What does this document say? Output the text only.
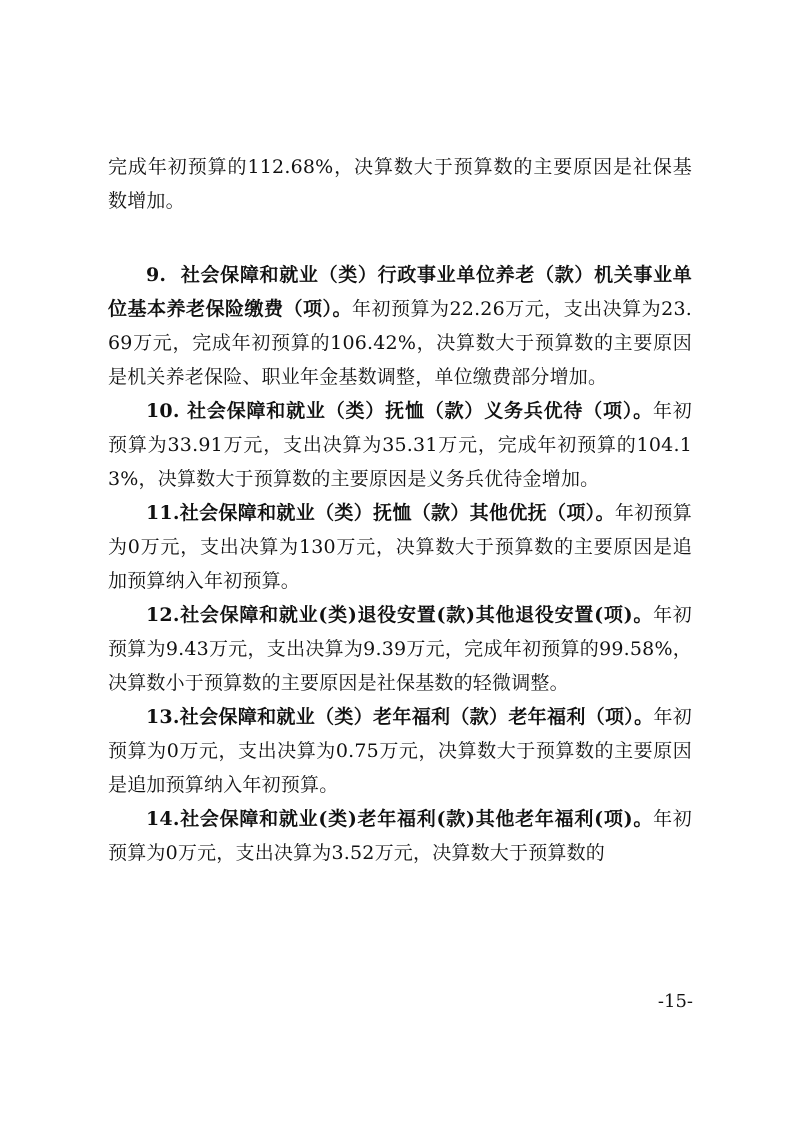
完成年初预算的112.68%，决算数大于预算数的主要原因是社保基数增加。

9.  社会保障和就业（类）行政事业单位养老（款）机关事业单位基本养老保险缴费（项）。年初预算为22.26万元，支出决算为23.69万元，完成年初预算的106.42%，决算数大于预算数的主要原因是机关养老保险、职业年金基数调整，单位缴费部分增加。

10. 社会保障和就业（类）抚恤（款）义务兵优待（项）。年初预算为33.91万元，支出决算为35.31万元，完成年初预算的104.13%，决算数大于预算数的主要原因是义务兵优待金增加。

11.社会保障和就业（类）抚恤（款）其他优抚（项）。年初预算为0万元，支出决算为130万元，决算数大于预算数的主要原因是追加预算纳入年初预算。

12.社会保障和就业(类)退役安置(款)其他退役安置(项)。年初预算为9.43万元，支出决算为9.39万元，完成年初预算的99.58%，决算数小于预算数的主要原因是社保基数的轻微调整。

13.社会保障和就业（类）老年福利（款）老年福利（项）。年初预算为0万元，支出决算为0.75万元，决算数大于预算数的主要原因是追加预算纳入年初预算。

14.社会保障和就业(类)老年福利(款)其他老年福利(项)。年初预算为0万元，支出决算为3.52万元，决算数大于预算数的

-15-
